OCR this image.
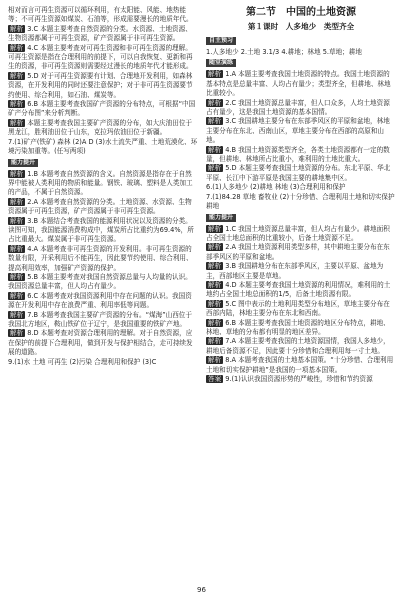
相对而言可再生资源可以循环利用，有太阳能、风能、地热能等；不可再生资源如煤炭、石油等，形成需要漫长的地质年代。

解析 3.C 本题主要考查自然资源的分类。水资源、土地资源、生物资源都属于可再生资源，矿产资源属于非可再生资源。

解析 4.C 本题主要考查对可再生资源和非可再生资源的理解。可再生资源是指在合理利用的前提下，可以自我恢复、更新和再生的资源，非可再生资源则需要经过漫长的地质年代才能形成。

解析 5.D 对于可再生资源要有计划、合理地开发利用，如森林资源，在开发利用的同时还要注意保护；对于非可再生资源要节约使用、综合利用，如石油、煤炭等。

解析 6.B 本题主要考查我国矿产资源的分布特点，可根据“中国矿产分布图”来分析判断。

解析 本题主要考查我国主要矿产资源的分布，如大庆油田位于黑龙江，胜利油田位于山东，克拉玛依油田位于新疆。

7.(1)矿产(铁矿) 森林 (2)A D (3)水土流失严重、土地荒漠化、环境污染加重等。(任写两项)

能力提升

解析 1.B 本题考查自然资源的含义。自然资源是指存在于自然界中能被人类利用的物质和能量。钢铁、玻璃、塑料是人类加工的产品，不属于自然资源。

解析 2.A 本题考查自然资源的分类。土地资源、水资源、生物资源属于可再生资源，矿产资源属于非可再生资源。

解析 3.B 本题结合考查我国的能源利用状况以及资源的分类。读图可知，我国能源消费构成中，煤炭所占比重约为69.4%，所占比重最大。煤炭属于非可再生资源。

解析 4.A 本题考查非可再生资源的开发利用。非可再生资源的数量有限，开采利用后不能再生，因此要节约使用、综合利用、提高利用效率，加强矿产资源的保护。

解析 5.B 本题主要考查对我国自然资源总量与人均量的认识。我国资源总量丰富，但人均占有量少。

解析 6.C 本题考查对我国资源利用中存在问题的认识。我国资源在开发利用中存在浪费严重、利用率低等问题。

解析 7.B 本题考查我国主要矿产资源的分布。“煤海”山西位于我国北方地区，鞍山铁矿位于辽宁，是我国重要的铁矿产地。

解析 8.D 本题考查对资源合理利用的理解。对于自然资源，应在保护的前提下合理利用，做到开发与保护相结合，走可持续发展的道路。

9.(1)水 土地 可再生 (2)污染 合理利用和保护 (3)C

第二节　中国的土地资源
第１课时　人多地少　类型齐全
自主预习

1.人多地少 2.土地 3.1/3 4.耕地；林地 5.草地；耕地

随堂演练

解析 1.A 本题主要考查我国土地资源的特点。我国土地资源的基本特点是总量丰富、人均占有量少；类型齐全，但耕地、林地比重较小。

解析 2.C 我国土地资源总量丰富，但人口众多，人均土地资源占有量少，这是我国土地资源的基本国情。

解析 3.C 我国耕地主要分布在东部季风区的平原和盆地，林地主要分布在东北、西南山区，草地主要分布在西部的高原和山地。

解析 4.B 我国土地资源类型齐全，各类土地资源都有一定的数量，但耕地、林地所占比重小，难利用的土地比重大。

解析 5.D 本题主要考查我国土地资源的分布。东北平原、华北平原、长江中下游平原是我国主要的耕地集中区。

6.(1)人多地少 (2)耕地 林地 (3)合理利用和保护

7.(1)84.28 草地 畜牧业 (2)十分珍惜、合理利用土地和切实保护耕地

能力提升

解析 1.C 我国土地资源总量丰富，但人均占有量少。耕地面积占全国土地总面积的比重较小，后备土地资源不足。

解析 2.A 我国土地资源利用类型多样，其中耕地主要分布在东部季风区的平原和盆地。

解析 3.B 我国耕地分布在东部季风区，主要以平原、盆地为主，西部地区主要是草地。

解析 4.D 本题主要考查我国土地资源的利用情况，难利用的土地约占全国土地总面积的1/5，后备土地资源有限。

解析 5.C 图中表示的土地利用类型分布地区，草地主要分布在西部内陆，林地主要分布在东北和西南。

解析 6.B 本题主要考查我国土地资源的地区分布特点，耕地、林地、草地的分布都有明显的地区差异。

解析 7.A 本题主要考查我国的土地资源国情，我国人多地少，耕地后备资源不足，因此要十分珍惜和合理利用每一寸土地。

解析 8.A 本题考查我国的土地基本国策。“十分珍惜、合理利用土地和切实保护耕地”是我国的一项基本国策。

答案 9.(1)认识我国资源形势的严峻性，珍惜和节约资源

96
